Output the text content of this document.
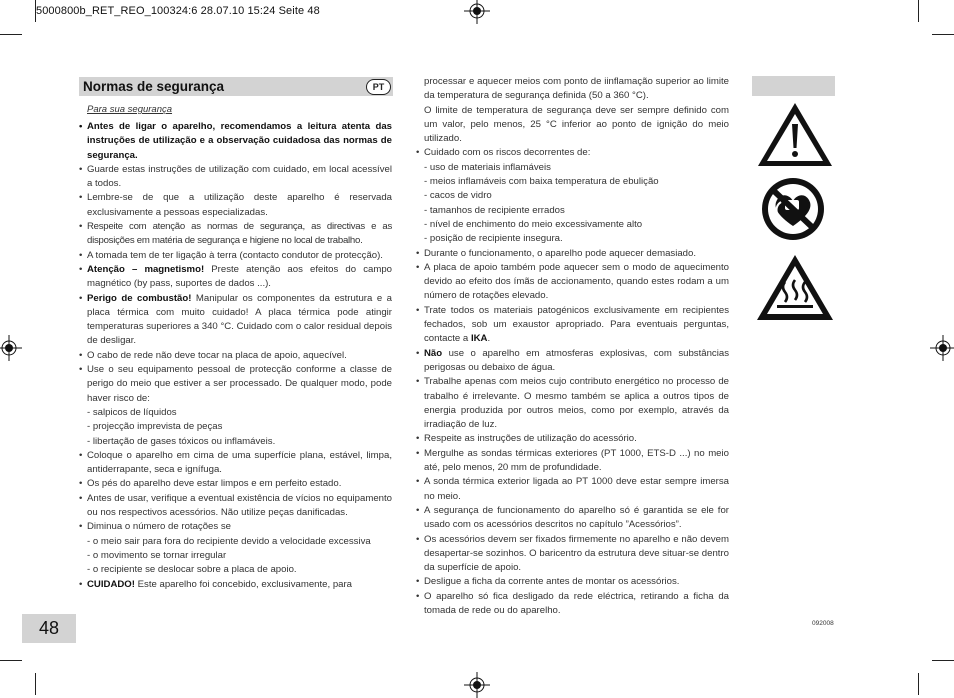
5000800b_RET_REO_100324:6 28.07.10 15:24 Seite 48
Normas de segurança	PT
Para sua segurança

• Antes de ligar o aparelho, recomendamos a leitura atenta das instruções de utilização e a observação cuidadosa das normas de segurança.

• Guarde estas instruções de utilização com cuidado, em local acessível a todos.

• Lembre-se de que a utilização deste aparelho é reservada exclusivamente a pessoas especializadas.

• Respeite com atenção as normas de segurança, as directivas e as disposições em matéria de segurança e higiene no local de trabalho.

• A tomada tem de ter ligação à terra (contacto condutor de protecção).

• Atenção – magnetismo! Preste atenção aos efeitos do campo magnético (by pass, suportes de dados ...).

• Perigo de combustão! Manipular os componentes da estrutura e a placa térmica com muito cuidado! A placa térmica pode atingir temperaturas superiores a 340 °C. Cuidado com o calor residual depois de desligar.

• O cabo de rede não deve tocar na placa de apoio, aquecível.

• Use o seu equipamento pessoal de protecção conforme a classe de perigo do meio que estiver a ser processado. De qualquer modo, pode haver risco de:

- salpicos de líquidos

- projecção imprevista de peças

- libertação de gases tóxicos ou inflamáveis.

• Coloque o aparelho em cima de uma superfície plana, estável, limpa, antiderrapante, seca e ignífuga.

• Os pés do aparelho deve estar limpos e em perfeito estado.

• Antes de usar, verifique a eventual existência de vícios no equipamento ou nos respectivos acessórios. Não utilize peças danificadas.

• Diminua o número de rotações se

- o meio sair para fora do recipiente devido a velocidade excessiva

- o movimento se tornar irregular

- o recipiente se deslocar sobre a placa de apoio.

• CUIDADO! Este aparelho foi concebido, exclusivamente, para

processar e aquecer meios com ponto de iinflamação superior ao limite da temperatura de segurança definida (50 a 360 °C).

O limite de temperatura de segurança deve ser sempre definido com um valor, pelo menos, 25 °C inferior ao ponto de ignição do meio utilizado.

• Cuidado com os riscos decorrentes de:

- uso de materiais inflamáveis

- meios inflamáveis com baixa temperatura de ebulição

- cacos de vidro

- tamanhos de recipiente errados

- nível de enchimento do meio excessivamente alto

- posição de recipiente insegura.

• Durante o funcionamento, o aparelho pode aquecer demasiado.

• A placa de apoio também pode aquecer sem o modo de aquecimento devido ao efeito dos ímãs de accionamento, quando estes rodam a um número de rotações elevado.

• Trate todos os materiais patogénicos exclusivamente em recipientes fechados, sob um exaustor apropriado. Para eventuais perguntas, contacte a IKA.

• Não use o aparelho em atmosferas explosivas, com substâncias perigosas ou debaixo de água.

• Trabalhe apenas com meios cujo contributo energético no processo de trabalho é irrelevante. O mesmo também se aplica a outros tipos de energia produzida por outros meios, como por exemplo, através da irradiação de luz.

• Respeite as instruções de utilização do acessório.

• Mergulhe as sondas térmicas exteriores (PT 1000, ETS-D ...) no meio até, pelo menos, 20 mm de profundidade.

• A sonda térmica exterior ligada ao PT 1000 deve estar sempre imersa no meio.

• A segurança de funcionamento do aparelho só é garantida se ele for usado com os acessórios descritos no capítulo ”Acessórios”.

• Os acessórios devem ser fixados firmemente no aparelho e não devem desapertar-se sozinhos. O baricentro da estrutura deve situar-se dentro da superfície de apoio.

• Desligue a ficha da corrente antes de montar os acessórios.

• O aparelho só fica desligado da rede eléctrica, retirando a ficha da tomada de rede ou do aparelho.

48	092008
